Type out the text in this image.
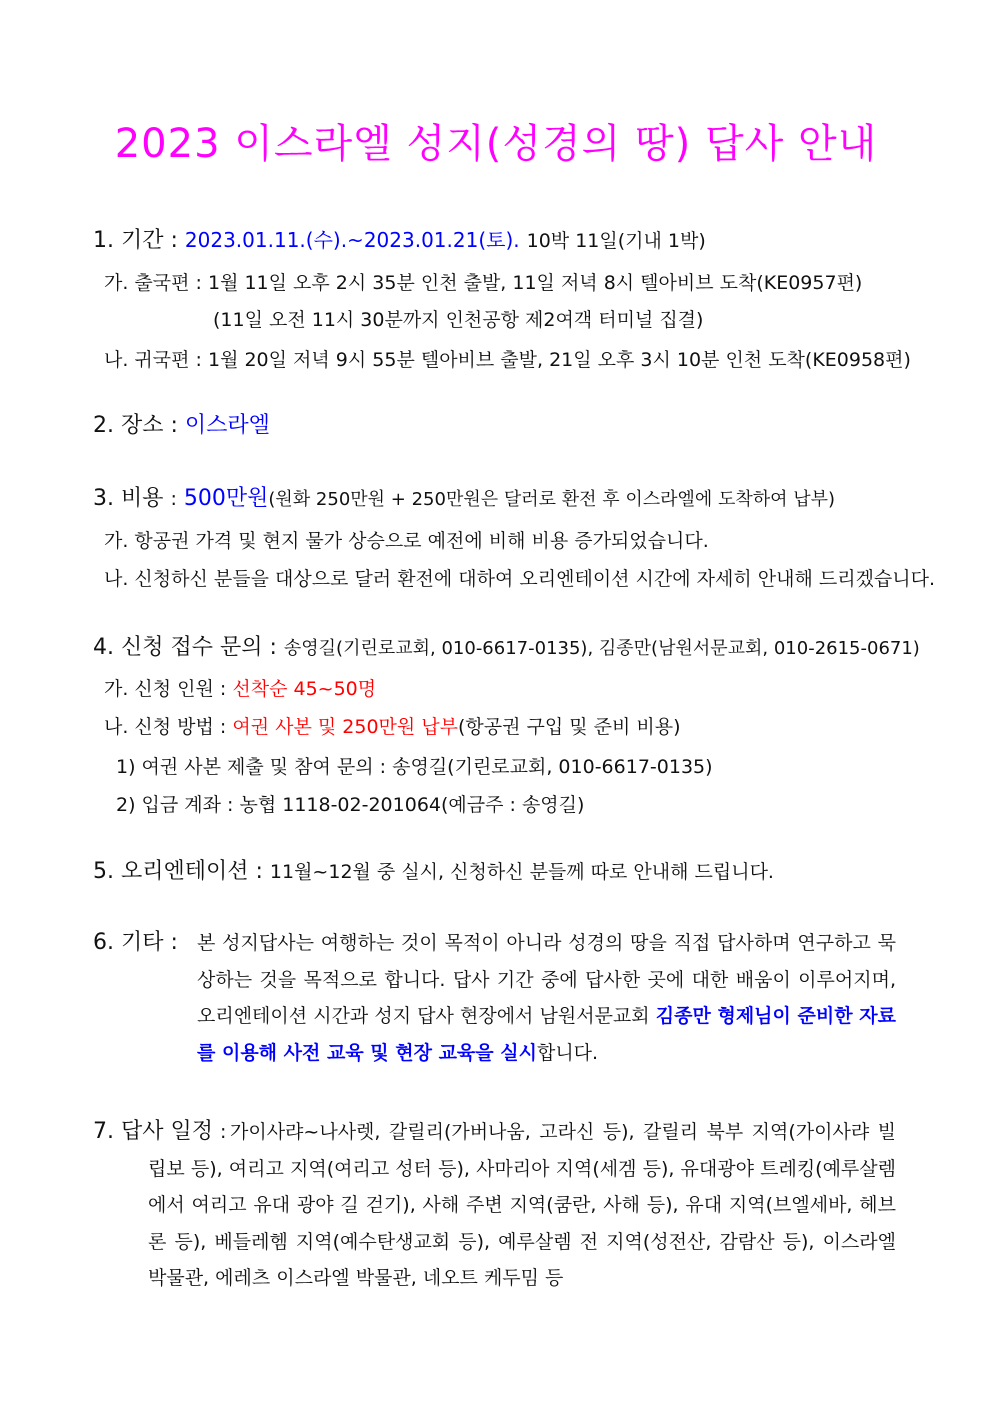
2023 이스라엘 성지(성경의 땅) 답사 안내
1. 기간 : 2023.01.11.(수).~2023.01.21(토). 10박 11일(기내 1박)
가. 출국편 : 1월 11일 오후 2시 35분 인천 출발, 11일 저녁 8시 텔아비브 도착(KE0957편)
(11일 오전 11시 30분까지 인천공항 제2여객 터미널 집결)
나. 귀국편 : 1월 20일 저녁 9시 55분 텔아비브 출발, 21일 오후 3시 10분 인천 도착(KE0958편)
2. 장소 : 이스라엘
3. 비용 : 500만원(원화 250만원 + 250만원은 달러로 환전 후 이스라엘에 도착하여 납부)
가. 항공권 가격 및 현지 물가 상승으로 예전에 비해 비용 증가되었습니다.
나. 신청하신 분들을 대상으로 달러 환전에 대하여 오리엔테이션 시간에 자세히 안내해 드리겠습니다.
4. 신청 접수 문의 : 송영길(기린로교회, 010-6617-0135), 김종만(남원서문교회, 010-2615-0671)
가. 신청 인원 : 선착순 45~50명
나. 신청 방법 : 여권 사본 및 250만원 납부(항공권 구입 및 준비 비용)
1) 여권 사본 제출 및 참여 문의 : 송영길(기린로교회, 010-6617-0135)
2) 입금 계좌 : 농협 1118-02-201064(예금주 : 송영길)
5. 오리엔테이션 : 11월~12월 중 실시, 신청하신 분들께 따로 안내해 드립니다.
6. 기타 : 본 성지답사는 여행하는 것이 목적이 아니라 성경의 땅을 직접 답사하며 연구하고 묵상하는 것을 목적으로 합니다. 답사 기간 중에 답사한 곳에 대한 배움이 이루어지며, 오리엔테이션 시간과 성지 답사 현장에서 남원서문교회 김종만 형제님이 준비한 자료를 이용해 사전 교육 및 현장 교육을 실시합니다.
7. 답사 일정 : 가이사랴~나사렛, 갈릴리(가버나움, 고라신 등), 갈릴리 북부 지역(가이사랴 빌립보 등), 여리고 지역(여리고 성터 등), 사마리아 지역(세겜 등), 유대광야 트레킹(예루살렘에서 여리고 유대 광야 길 걷기), 사해 주변 지역(쿰란, 사해 등), 유대 지역(브엘세바, 헤브론 등), 베들레헴 지역(예수탄생교회 등), 예루살렘 전 지역(성전산, 감람산 등), 이스라엘 박물관, 에레츠 이스라엘 박물관, 네오트 케두밈 등
